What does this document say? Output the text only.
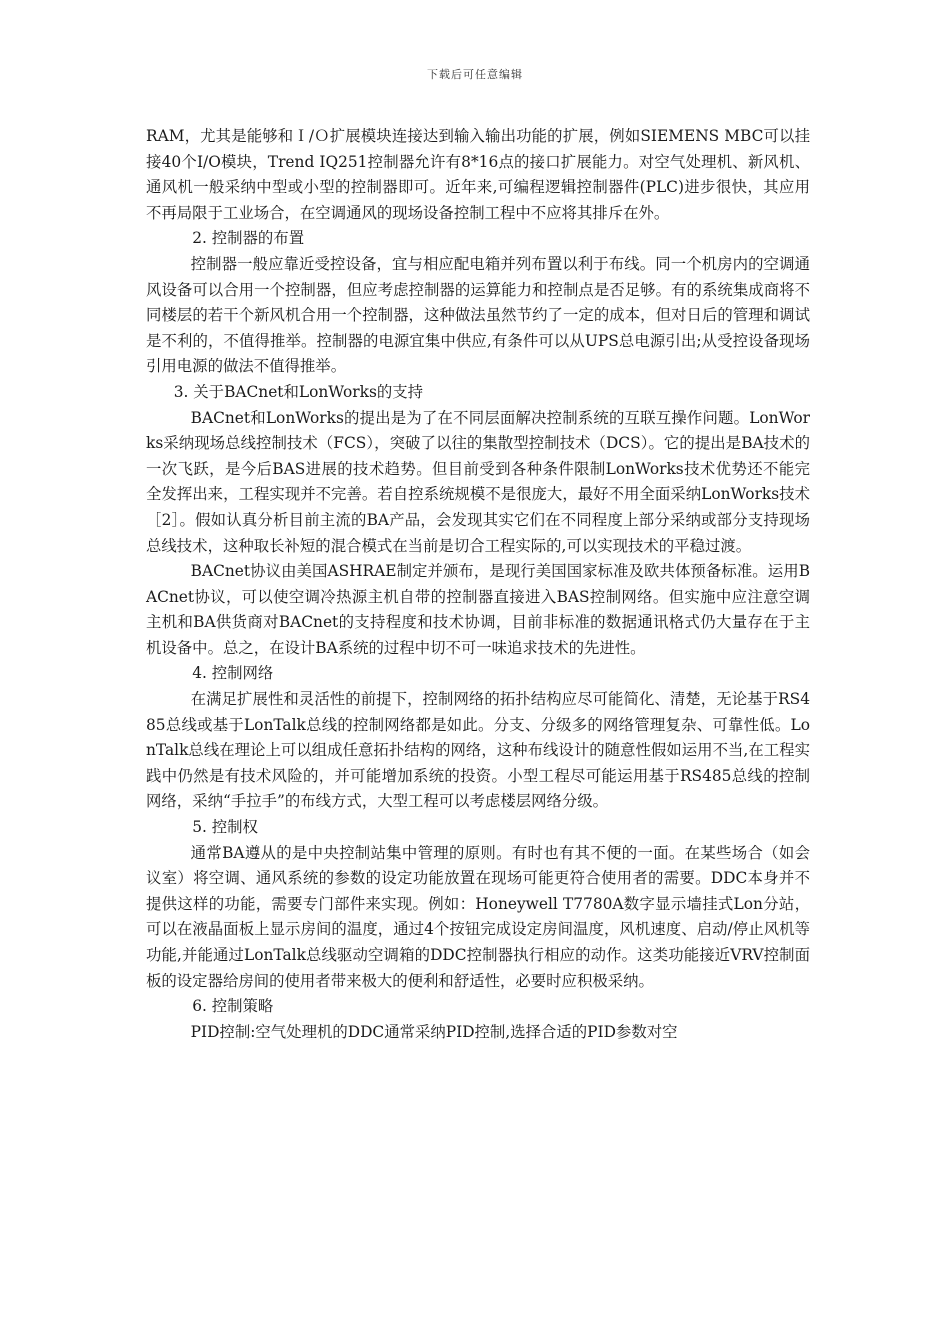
下载后可任意编辑

RAM，尤其是能够和Ｉ/Ｏ扩展模块连接达到输入输出功能的扩展，例如SIEMENS MBC可以挂接40个I/O模块，Trend IQ251控制器允许有8*16点的接口扩展能力。对空气处理机、新风机、通风机一般采纳中型或小型的控制器即可。近年来,可编程逻辑控制器件(PLC)进步很快，其应用不再局限于工业场合，在空调通风的现场设备控制工程中不应将其排斥在外。

2. 控制器的布置

控制器一般应靠近受控设备，宜与相应配电箱并列布置以利于布线。同一个机房内的空调通风设备可以合用一个控制器，但应考虑控制器的运算能力和控制点是否足够。有的系统集成商将不同楼层的若干个新风机合用一个控制器，这种做法虽然节约了一定的成本，但对日后的管理和调试是不利的，不值得推举。控制器的电源宜集中供应,有条件可以从UPS总电源引出;从受控设备现场引用电源的做法不值得推举。

3. 关于BACnet和LonWorks的支持

BACnet和LonWorks的提出是为了在不同层面解决控制系统的互联互操作问题。LonWorks采纳现场总线控制技术（FCS），突破了以往的集散型控制技术（DCS）。它的提出是BA技术的一次飞跃，是今后BAS进展的技术趋势。但目前受到各种条件限制LonWorks技术优势还不能完全发挥出来，工程实现并不完善。若自控系统规模不是很庞大，最好不用全面采纳LonWorks技术［2］。假如认真分析目前主流的BA产品，会发现其实它们在不同程度上部分采纳或部分支持现场总线技术，这种取长补短的混合模式在当前是切合工程实际的,可以实现技术的平稳过渡。

BACnet协议由美国ASHRAE制定并颁布，是现行美国国家标准及欧共体预备标准。运用BACnet协议，可以使空调冷热源主机自带的控制器直接进入BAS控制网络。但实施中应注意空调主机和BA供货商对BACnet的支持程度和技术协调，目前非标准的数据通讯格式仍大量存在于主机设备中。总之，在设计BA系统的过程中切不可一味追求技术的先进性。

4. 控制网络

在满足扩展性和灵活性的前提下，控制网络的拓扑结构应尽可能简化、清楚，无论基于RS485总线或基于LonTalk总线的控制网络都是如此。分支、分级多的网络管理复杂、可靠性低。LonTalk总线在理论上可以组成任意拓扑结构的网络，这种布线设计的随意性假如运用不当,在工程实践中仍然是有技术风险的，并可能增加系统的投资。小型工程尽可能运用基于RS485总线的控制网络，采纳“手拉手”的布线方式，大型工程可以考虑楼层网络分级。

5. 控制权

通常BA遵从的是中央控制站集中管理的原则。有时也有其不便的一面。在某些场合（如会议室）将空调、通风系统的参数的设定功能放置在现场可能更符合使用者的需要。DDC本身并不提供这样的功能，需要专门部件来实现。例如：Honeywell T7780A数字显示墙挂式Lon分站，可以在液晶面板上显示房间的温度，通过4个按钮完成设定房间温度，风机速度、启动/停止风机等功能,并能通过LonTalk总线驱动空调箱的DDC控制器执行相应的动作。这类功能接近VRV控制面板的设定器给房间的使用者带来极大的便利和舒适性，必要时应积极采纳。

6. 控制策略

PID控制:空气处理机的DDC通常采纳PID控制,选择合适的PID参数对空
